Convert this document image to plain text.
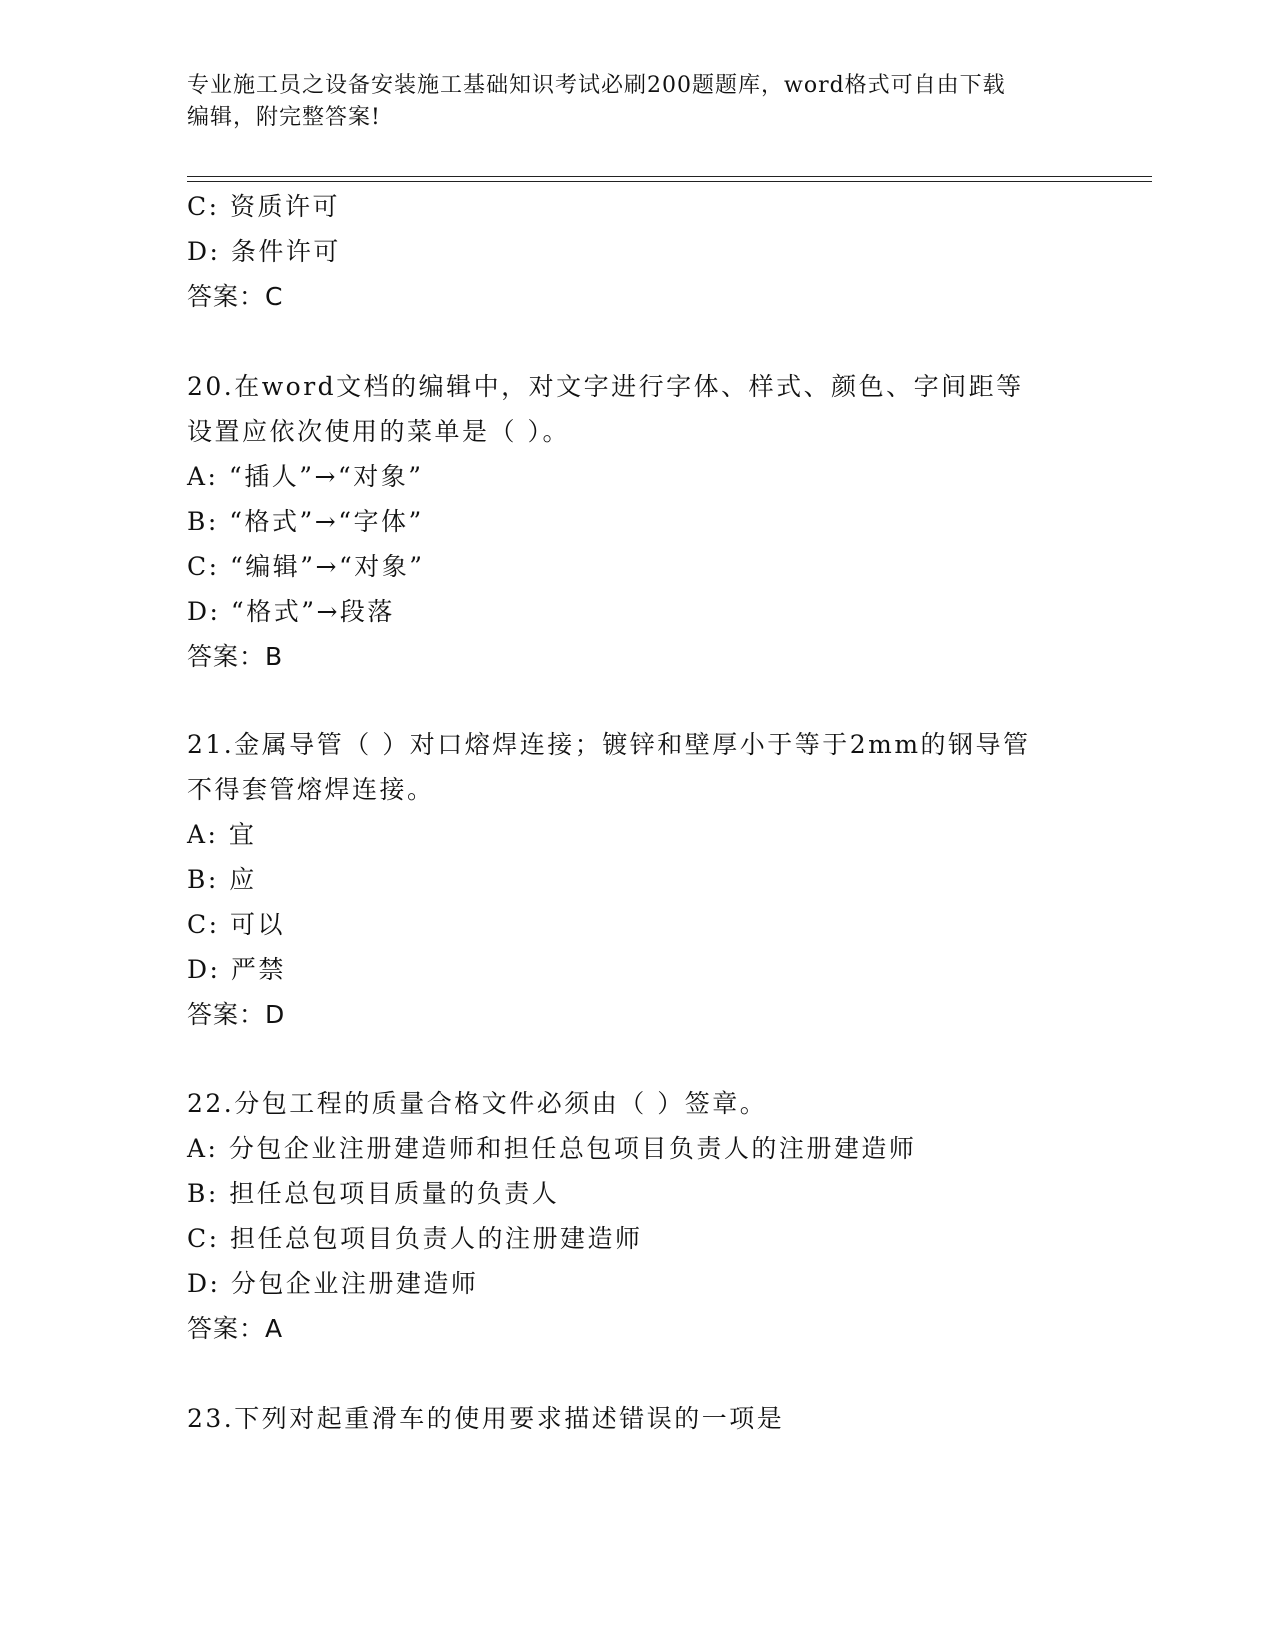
专业施工员之设备安装施工基础知识考试必刷200题题库，word格式可自由下载
编辑，附完整答案!
C: 资质许可
D: 条件许可
答案：C
20.在word文档的编辑中，对文字进行字体、样式、颜色、字间距等
设置应依次使用的菜单是（ ）。
A: “插人”→“对象”
B: “格式”→“字体”
C: “编辑”→“对象”
D: “格式”→段落
答案：B
21.金属导管（ ）对口熔焊连接；镀锌和壁厚小于等于2mm的钢导管
不得套管熔焊连接。
A: 宜
B: 应
C: 可以
D: 严禁
答案：D
22.分包工程的质量合格文件必须由（ ）签章。
A: 分包企业注册建造师和担任总包项目负责人的注册建造师
B: 担任总包项目质量的负责人
C: 担任总包项目负责人的注册建造师
D: 分包企业注册建造师
答案：A
23.下列对起重滑车的使用要求描述错误的一项是
